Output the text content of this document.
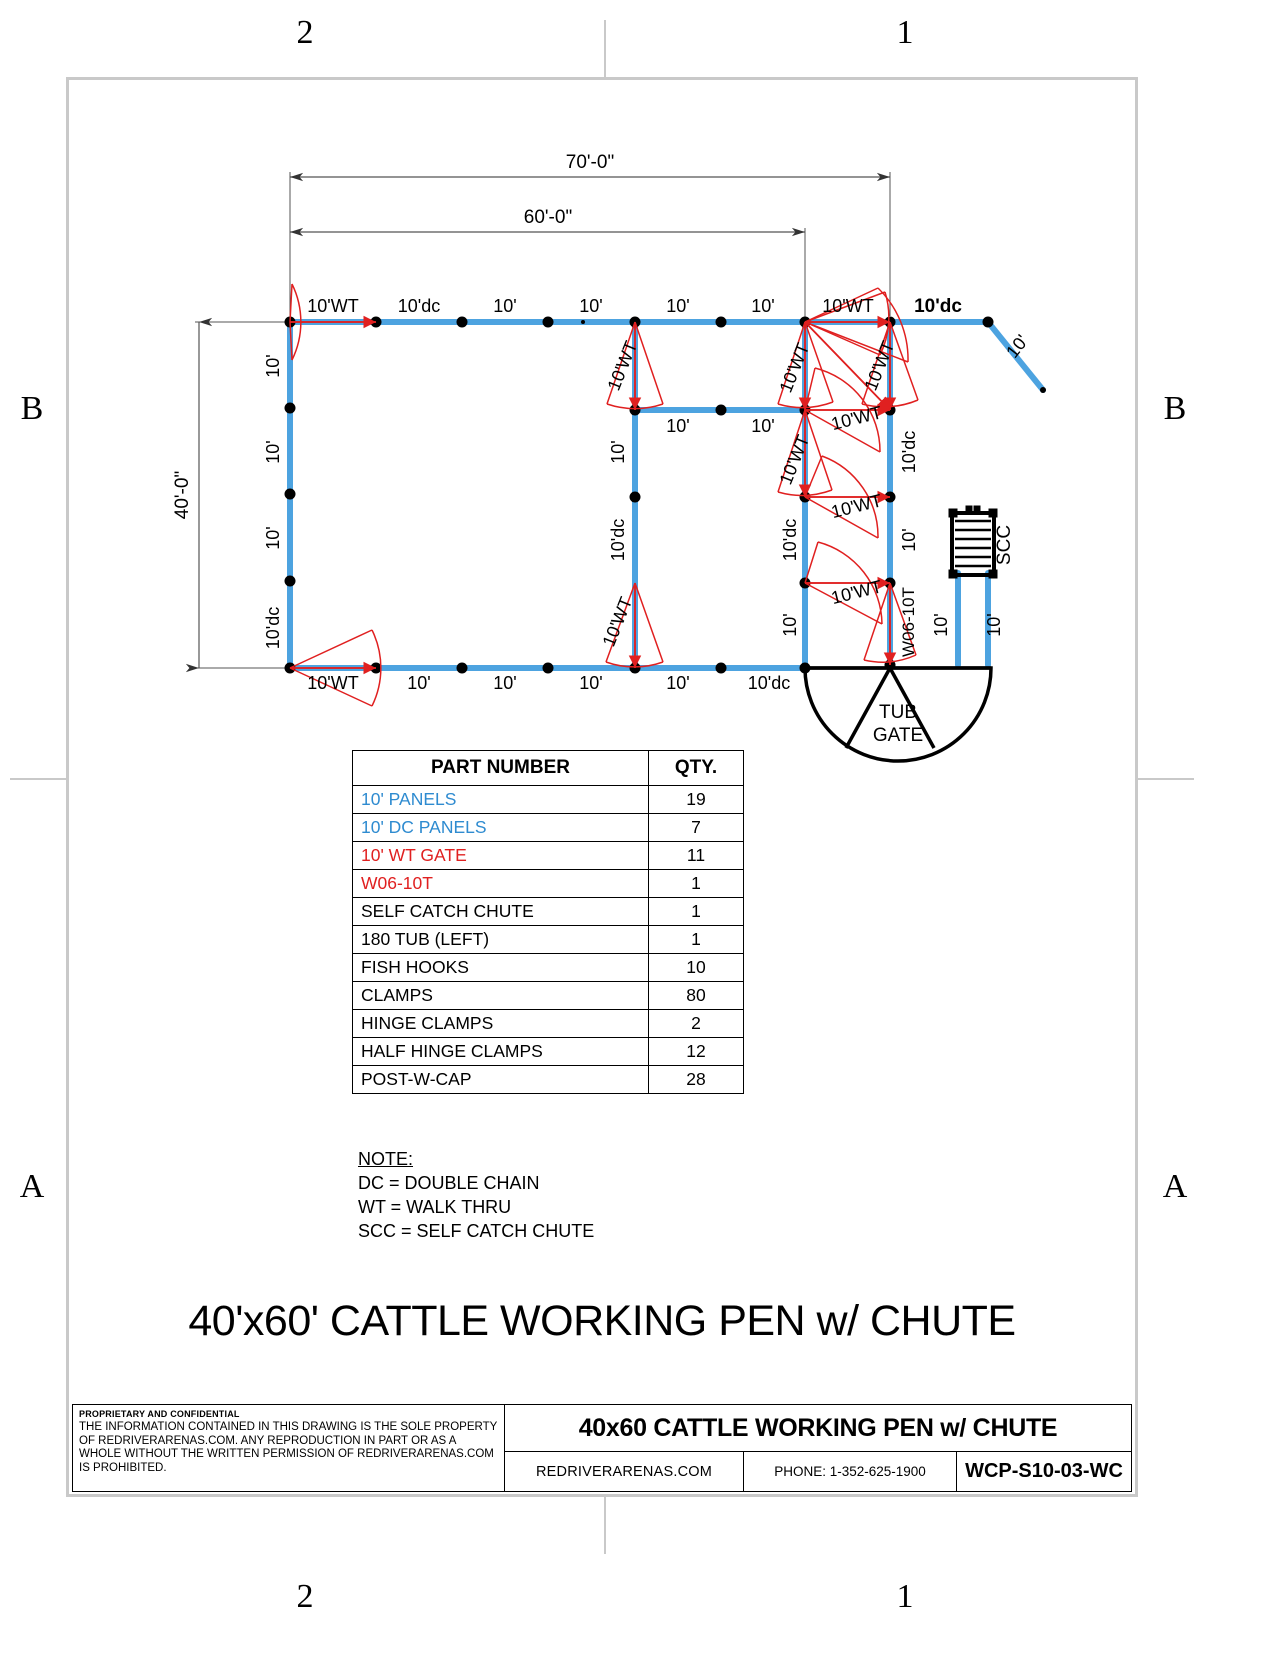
2	1
2	1
B
A
B
A
70'-0"
60'-0"
40'-0"
TUB
GATE
SCC
10'WT 10'dc	10'	10'	10'	10'	10'WT 10'dc
10'
10'WT	10'	10'	10'	10'	10'dc
10'
10'
10'
10'dc
10'WT
10'
10'dc
10'WT
10'	10'
10'WT	10'WT
10'WT
10'WT
10'WT
10'WT
10'dc
10'dc
10'
10'
W06-10T 10' 10'
PART NUMBER	QTY.
10' PANELS	19
10' DC PANELS	7
10' WT GATE	11
W06-10T	1
SELF CATCH CHUTE	1
180 TUB (LEFT)	1
FISH HOOKS	10
CLAMPS	80
HINGE CLAMPS	2
HALF HINGE CLAMPS	12
POST-W-CAP	28
NOTE:
DC = DOUBLE CHAIN
WT = WALK THRU
SCC = SELF CATCH CHUTE
40'x60' CATTLE WORKING PEN w/ CHUTE
PROPRIETARY AND CONFIDENTIAL
THE INFORMATION CONTAINED IN THIS DRAWING IS THE SOLE PROPERTY OF REDRIVERARENAS.COM. ANY REPRODUCTION IN PART OR AS A WHOLE WITHOUT THE WRITTEN PERMISSION OF REDRIVERARENAS.COM IS PROHIBITED.
40x60 CATTLE WORKING PEN w/ CHUTE
REDRIVERARENAS.COM	PHONE: 1-352-625-1900	WCP-S10-03-WC
